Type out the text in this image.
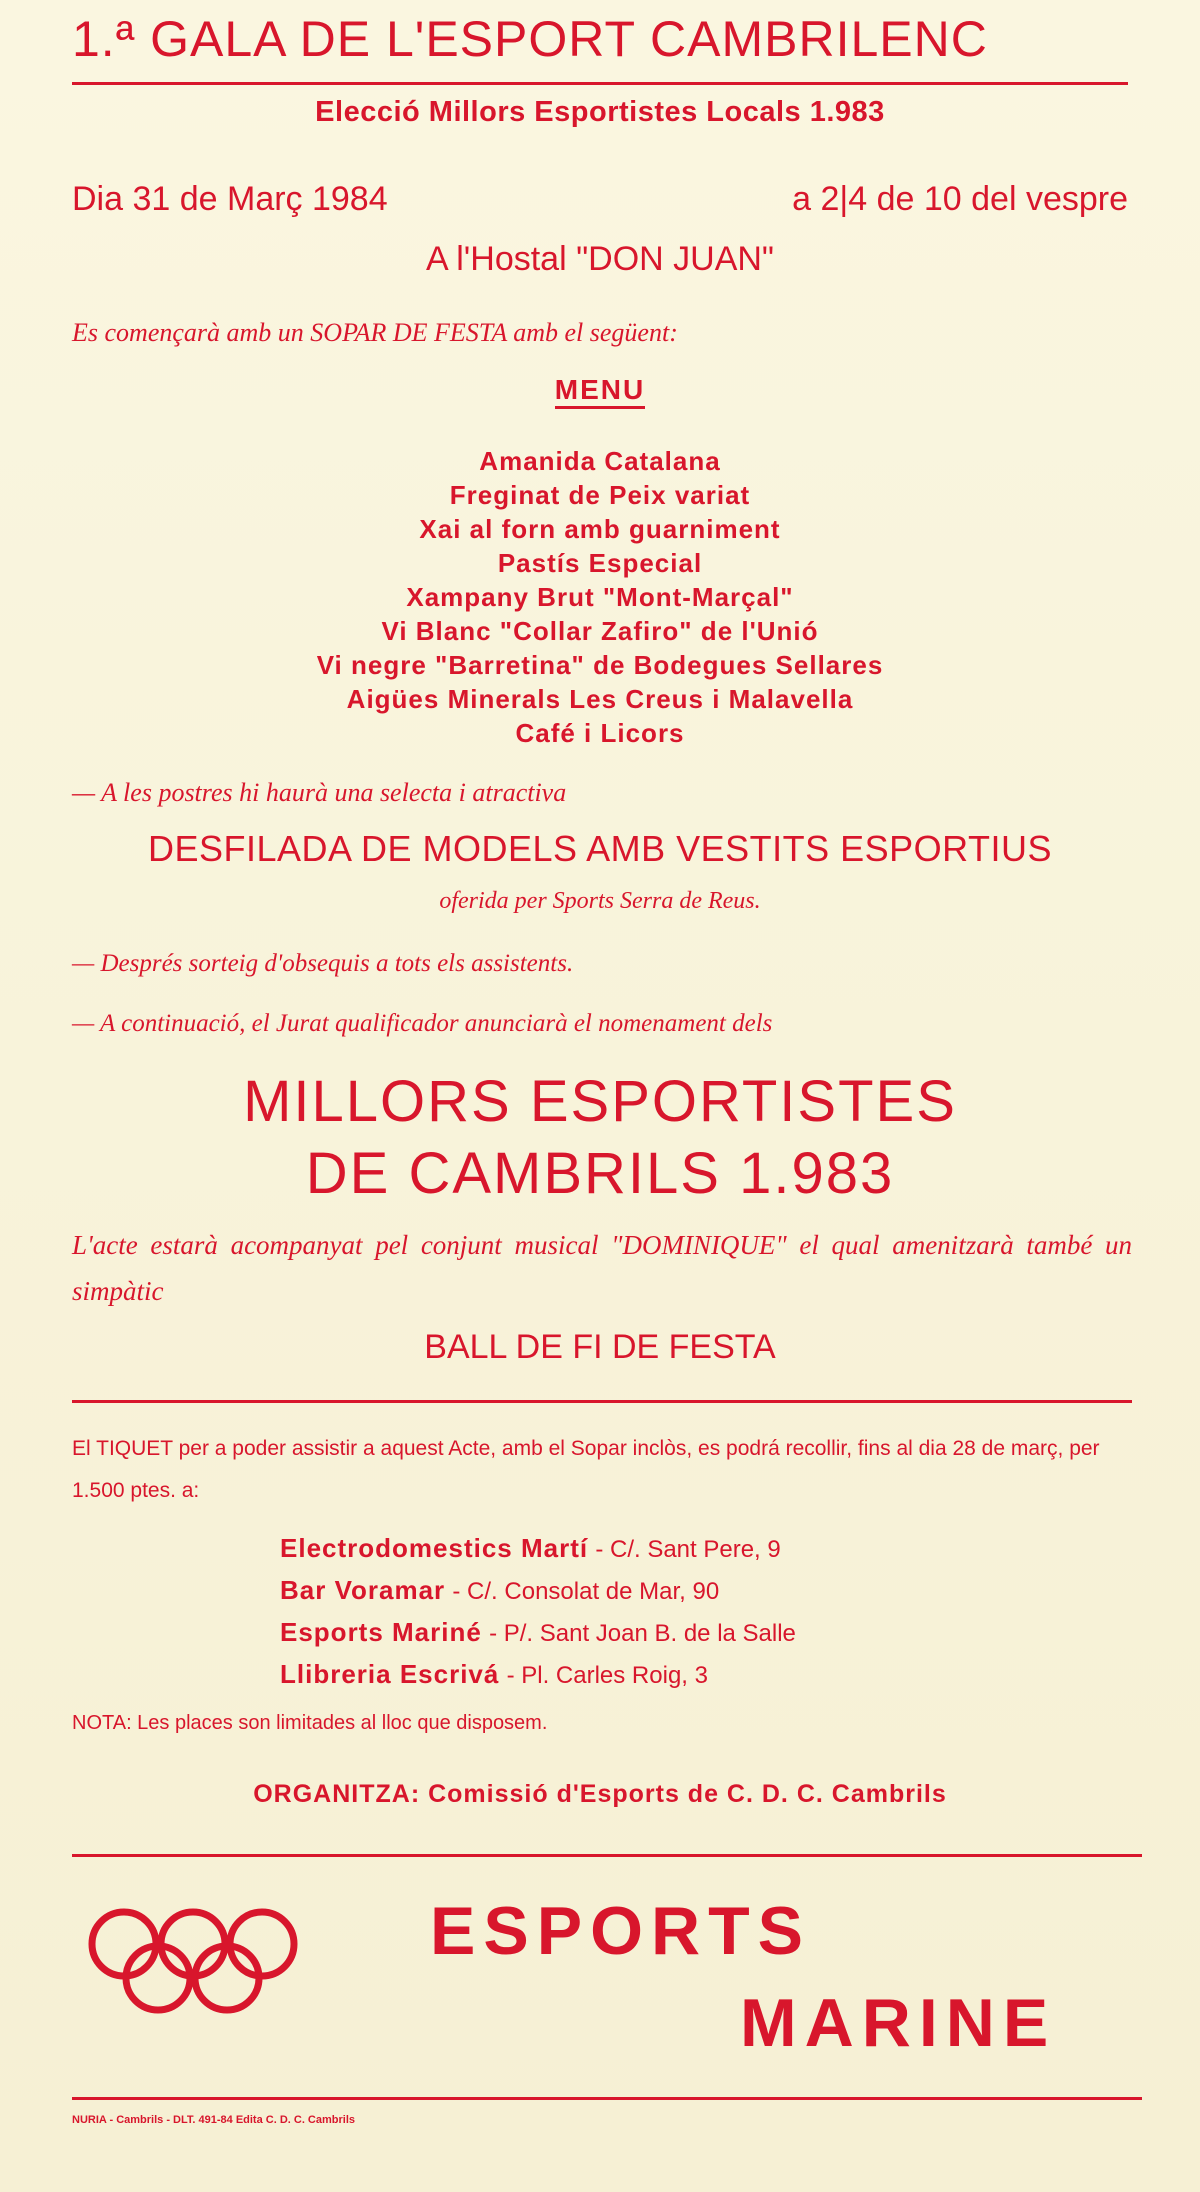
1.ª GALA DE L'ESPORT CAMBRILENC
Elecció Millors Esportistes Locals 1.983
Dia 31 de Març 1984	a 2|4 de 10 del vespre
A l'Hostal "DON JUAN"
Es començarà amb un SOPAR DE FESTA amb el següent:
MENU
Amanida Catalana
Freginat de Peix variat
Xai al forn amb guarniment
Pastís Especial
Xampany Brut "Mont-Marçal"
Vi Blanc "Collar Zafiro" de l'Unió
Vi negre "Barretina" de Bodegues Sellares
Aigües Minerals Les Creus i Malavella
Café i Licors
— A les postres hi haurà una selecta i atractiva
DESFILADA DE MODELS AMB VESTITS ESPORTIUS
oferida per Sports Serra de Reus.
— Després sorteig d'obsequis a tots els assistents.
— A continuació, el Jurat qualificador anunciarà el nomenament dels
MILLORS ESPORTISTES
DE CAMBRILS 1.983
L'acte estarà acompanyat pel conjunt musical "DOMINIQUE" el qual amenitzarà també un simpàtic
BALL DE FI DE FESTA
El TIQUET per a poder assistir a aquest Acte, amb el Sopar inclòs, es podrá recollir, fins al dia 28 de març, per 1.500 ptes. a:
Electrodomestics Martí - C/. Sant Pere, 9
Bar Voramar - C/. Consolat de Mar, 90
Esports Mariné - P/. Sant Joan B. de la Salle
Llibreria Escrivá - Pl. Carles Roig, 3
NOTA: Les places son limitades al lloc que disposem.
ORGANITZA: Comissió d'Esports de C. D. C. Cambrils
ESPORTS
MARINE
NURIA - Cambrils - DLT. 491-84 Edita C. D. C. Cambrils
